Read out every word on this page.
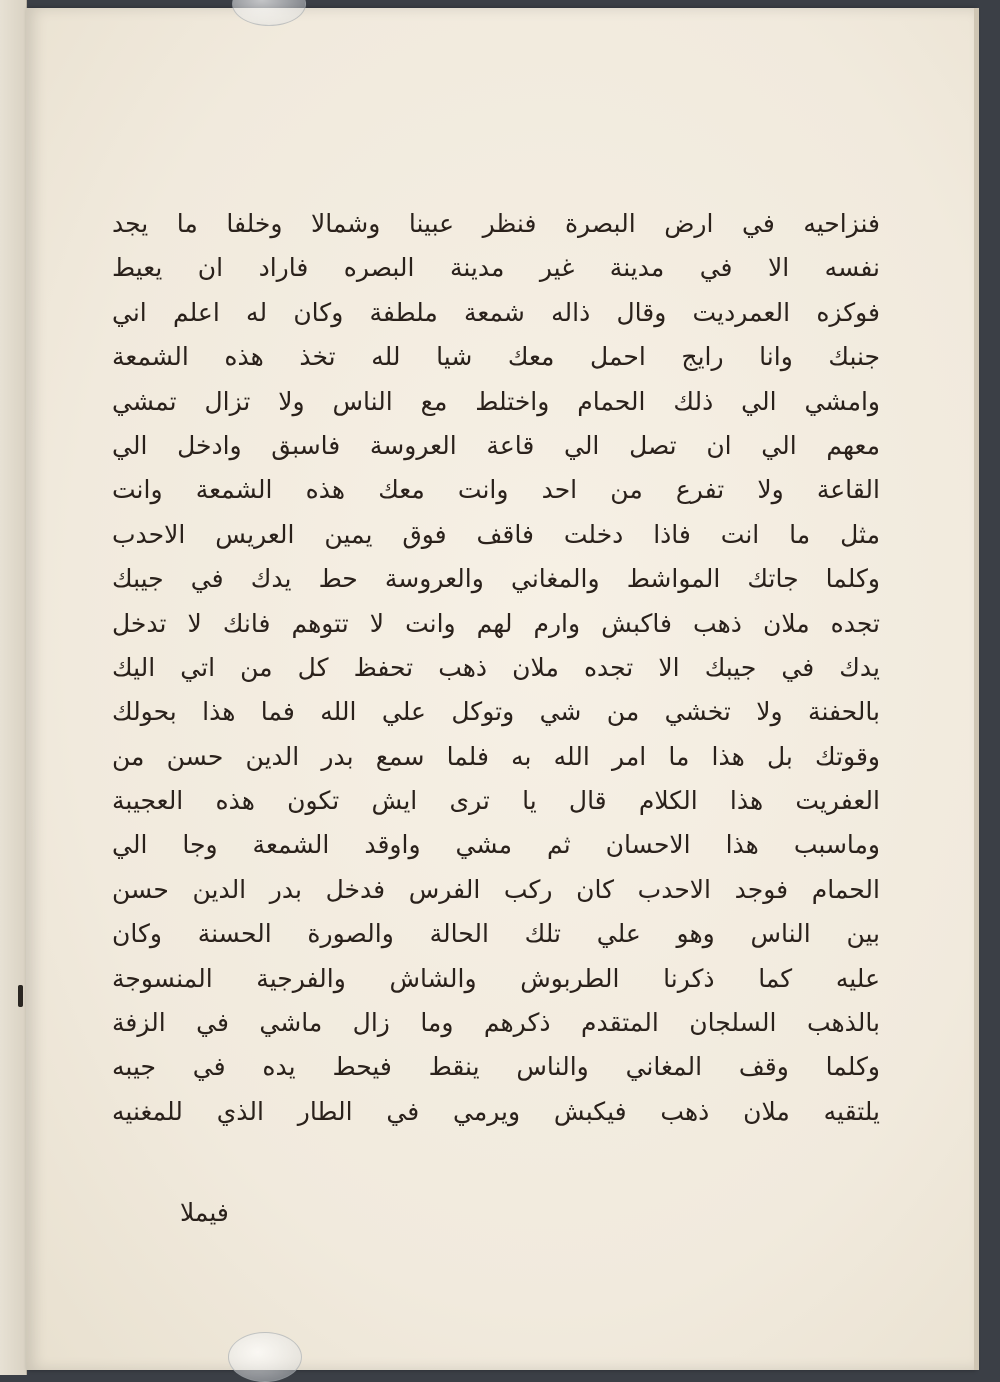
فنزاحيه في ارض البصرة فنظر عبينا وشمالا وخلفا ما يجد
نفسه الا في مدينة غير مدينة البصره فاراد ان يعيط
فوكزه العمرديت وقال ذاله شمعة ملطفة وكان له اعلم اني
جنبك وانا رايج احمل معك شيا لله تخذ هذه الشمعة
وامشي الي ذلك الحمام واختلط مع الناس ولا تزال تمشي
معهم الي ان تصل الي قاعة العروسة فاسبق وادخل الي
القاعة ولا تفرع من احد وانت معك هذه الشمعة وانت
مثل ما انت فاذا دخلت فاقف فوق يمين العريس الاحدب
وكلما جاتك المواشط والمغاني والعروسة حط يدك في جيبك
تجده ملان ذهب فاكبش وارم لهم وانت لا تتوهم فانك لا تدخل
يدك في جيبك الا تجده ملان ذهب تحفظ كل من اتي اليك
بالحفنة ولا تخشي من شي وتوكل علي الله فما هذا بحولك
وقوتك بل هذا ما امر الله به فلما سمع بدر الدين حسن من
العفريت هذا الكلام قال يا ترى ايش تكون هذه العجيبة
وماسبب هذا الاحسان ثم مشي واوقد الشمعة وجا الي
الحمام فوجد الاحدب كان ركب الفرس فدخل بدر الدين حسن
بين الناس وهو علي تلك الحالة والصورة الحسنة وكان
عليه كما ذكرنا الطربوش والشاش والفرجية المنسوجة
بالذهب السلجان المتقدم ذكرهم وما زال ماشي في الزفة
وكلما وقف المغاني والناس ينقط فيحط يده في جيبه
يلتقيه ملان ذهب فيكبش ويرمي في الطار الذي للمغنيه
فيملا
